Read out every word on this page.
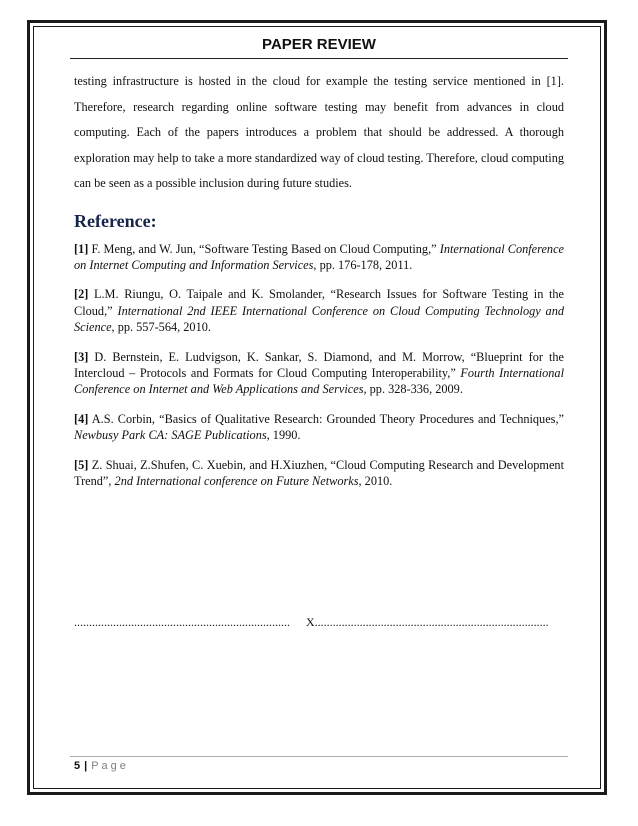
PAPER REVIEW

testing infrastructure is hosted in the cloud for example the testing service mentioned in [1]. Therefore, research regarding online software testing may benefit from advances in cloud computing. Each of the papers introduces a problem that should be addressed. A thorough exploration may help to take a more standardized way of cloud testing. Therefore, cloud computing can be seen as a possible inclusion during future studies.

Reference:

[1] F. Meng, and W. Jun, “Software Testing Based on Cloud Computing,” International Conference on Internet Computing and Information Services, pp. 176-178, 2011.

[2] L.M. Riungu, O. Taipale and K. Smolander, “Research Issues for Software Testing in the Cloud,” International 2nd IEEE International Conference on Cloud Computing Technology and Science, pp. 557-564, 2010.

[3] D. Bernstein, E. Ludvigson, K. Sankar, S. Diamond, and M. Morrow, “Blueprint for the Intercloud – Protocols and Formats for Cloud Computing Interoperability,” Fourth International Conference on Internet and Web Applications and Services, pp. 328-336, 2009.

[4] A.S. Corbin, “Basics of Qualitative Research: Grounded Theory Procedures and Techniques,” Newbusy Park CA: SAGE Publications, 1990.

[5] Z. Shuai, Z.Shufen, C. Xuebin, and H.Xiuzhen, “Cloud Computing Research and Development Trend”, 2nd International conference on Future Networks, 2010.

........................................................................ X..............................................................................
5 | Page
